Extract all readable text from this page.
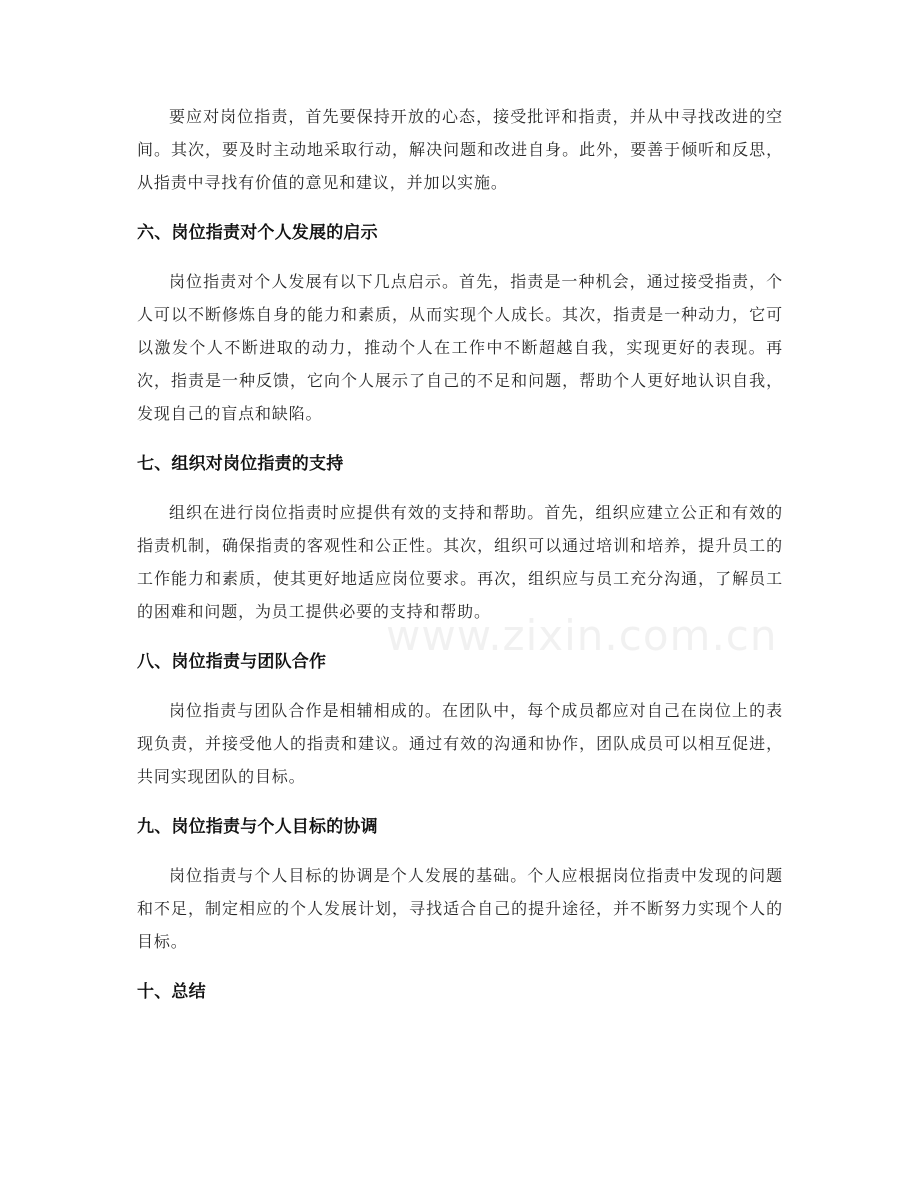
要应对岗位指责，首先要保持开放的心态，接受批评和指责，并从中寻找改进的空间。其次，要及时主动地采取行动，解决问题和改进自身。此外，要善于倾听和反思，从指责中寻找有价值的意见和建议，并加以实施。

六、岗位指责对个人发展的启示

岗位指责对个人发展有以下几点启示。首先，指责是一种机会，通过接受指责，个人可以不断修炼自身的能力和素质，从而实现个人成长。其次，指责是一种动力，它可以激发个人不断进取的动力，推动个人在工作中不断超越自我，实现更好的表现。再次，指责是一种反馈，它向个人展示了自己的不足和问题，帮助个人更好地认识自我，发现自己的盲点和缺陷。

七、组织对岗位指责的支持

组织在进行岗位指责时应提供有效的支持和帮助。首先，组织应建立公正和有效的指责机制，确保指责的客观性和公正性。其次，组织可以通过培训和培养，提升员工的工作能力和素质，使其更好地适应岗位要求。再次，组织应与员工充分沟通，了解员工的困难和问题，为员工提供必要的支持和帮助。

八、岗位指责与团队合作

岗位指责与团队合作是相辅相成的。在团队中，每个成员都应对自己在岗位上的表现负责，并接受他人的指责和建议。通过有效的沟通和协作，团队成员可以相互促进，共同实现团队的目标。

九、岗位指责与个人目标的协调

岗位指责与个人目标的协调是个人发展的基础。个人应根据岗位指责中发现的问题和不足，制定相应的个人发展计划，寻找适合自己的提升途径，并不断努力实现个人的目标。

十、总结
www.zixin.com.cn
